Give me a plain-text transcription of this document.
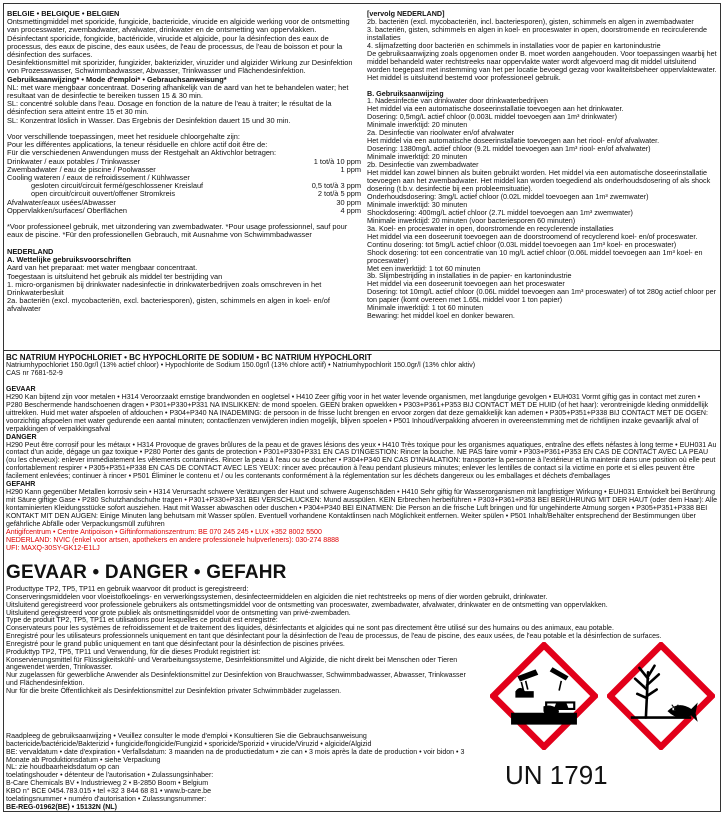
BELGIE • BELGIQUE • BELGIEN

Ontsmettingmiddel met sporicide, fungicide, bactericide, virucide en algicide werking voor de ontsmetting van processwater, zwembadwater, afvalwater, drinkwater en de ontsmetting van oppervlakken.

Désinfectant sporicide, fongicide, bactéricide, virucide et algicide, pour la désinfection des eaux de processus, des eaux de piscine, des eaux usées, de l'eau de processus, de l'eau de boisson et pour la désinfection des surfaces.

Desinfektionsmittel mit sporizider, fungizider, bakterizider, viruzider und algizider Wirkung zur Desinfektion von Prozesswasser, Schwimmbadwasser, Abwasser, Trinkwasser und Flächendesinfektion.

Gebruiksaanwijzing* • Mode d'emploi* • Gebrauchsanweisung*

NL: met ware mengbaar concentraat. Dosering afhankelijk van de aard van het te behandelen water; het resultaat van de desinfectie te bereiken tussen 15 & 30 min.

SL: concentré soluble dans l'eau. Dosage en fonction de la nature de l'eau à traiter; le résultat de la désinfection sera atteint entre 15 et 30 min.

SL: Konzentrat löslich in Wasser. Das Ergebnis der Desinfektion dauert 15 und 30 min.

Voor verschillende toepassingen, meet het residuele chloorgehalte zijn:

Pour les différentes applications, la teneur résiduelle en chlore actif doit être de:

Für die verschiedenen Anwendungen muss der Restgehalt an Aktivchlor betragen:

Drinkwater / eaux potables / Trinkwasser	1 tot/à 10 ppm
Zwembadwater / eau de piscine / Poolwasser	1 ppm
Cooling wateren / eaux de refroidissement / Kühlwasser	
gesloten circuit/circuit fermé/geschlossener Kreislauf	0,5 tot/à 3 ppm
open circuit/circuit ouvert/offener Stromkreis	2 tot/à 5 ppm
Afvalwater/eaux usées/Abwasser	30 ppm
Oppervlakken/surfaces/ Oberflächen	4 ppm

*Voor professioneel gebruik, met uitzondering van zwembadwater. *Pour usage professionnel, sauf pour eaux de piscine. *Für den professionellen Gebrauch, mit Ausnahme von Schwimmbadwasser

NEDERLAND

A. Wettelijke gebruiksvoorschriften

Aard van het preparaat: met water mengbaar concentraat.

Toegestaan is uitsluitend het gebruik als middel ter bestrijding van

1. micro-organismen bij drinkwater nadesinfectie in drinkwaterbedrijven zoals omschreven in het Drinkwaterbesluit

2a. bacteriën (excl. mycobacteriën, excl. bacteriesporen), gisten, schimmels en algen in koel- en/of afvalwater

[vervolg NEDERLAND]

2b. bacteriën (excl. mycobacteriën, incl. bacteriesporen), gisten, schimmels en algen in zwembadwater

3. bacteriën, gisten, schimmels en algen in koel- en proceswater in open, doorstromende en recirculerende installaties

4. slijmafzetting door bacteriën en schimmels in installaties voor de papier en kartonindustrie

De gebruiksaanwijzing zoals opgenomen onder B. moet worden aangehouden. Voor toepassingen waarbij het middel behandeld water rechtstreeks naar oppervlakte water wordt afgevoerd mag dit middel uitsluitend worden toegepast met instemming van het per locatie bevoegd gezag voor kwaliteitsbeheer oppervlaktewater. Het middel is uitsluitend bestemd voor professioneel gebruik.

B. Gebruiksaanwijzing

1. Nadesinfectie van drinkwater door drinkwaterbedrijven

Het middel via een automatische doseerinstallatie toevoegen aan het drinkwater.

Dosering: 0,5mg/L actief chloor (0.003L middel toevoegen aan 1m³ drinkwater)

Minimale inwerktijd: 20 minuten

2a. Desinfectie van rioolwater en/of afvalwater

Het middel via een automatische doseerinstallatie toevoegen aan het riool- en/of afvalwater.

Dosering: 1380mg/L actief chloor (9.2L middel toevoegen aan 1m³ riool- en/of afvalwater)

Minimale inwerktijd: 20 minuten

2b. Desinfectie van zwembadwater

Het middel kan zowel binnen als buiten gebruikt worden. Het middel via een automatische doseerinstallatie toevoegen aan het zwembadwater. Het middel kan worden toegediend als onderhoudsdosering of als shock dosering (t.b.v. desinfectie bij een probleemsituatie).

Onderhoudsdosering: 3mg/L actief chloor (0.02L middel toevoegen aan 1m³ zwemwater)

Minimale inwerktijd: 30 minuten

Shockdosering: 400mg/L actief chloor (2.7L middel toevoegen aan 1m³ zwemwater)

Minimale inwerktijd: 20 minuten (voor bacteriesporen 60 minuten)

3a. Koel- en proceswater in open, doorstromende en recyclerende installaties

Het middel via een doseerunit toevoegen aan de doorstroomend of recyclerend koel- en/of proceswater.

Continu dosering: tot 5mg/L actief chloor (0.03L middel toevoegen aan 1m³ koel- en proceswater)

Shock dosering: tot een concentratie van 10 mg/L actief chloor (0.06L middel toevoegen aan 1m³ koel- en proceswater)

Met een inwerktijd: 1 tot 60 minuten

3b. Slijmbestrijding in installaties in de papier- en kartonindustrie

Het middel via een doseerunit toevoegen aan het proceswater

Dosering: tot 10mg/L actief chloor (0.06L middel toevoegen aan 1m³ proceswater) of tot 280g actief chloor per ton papier (komt overeen met 1.65L middel voor 1 ton papier)

Minimale inwerktijd: 1 tot 60 minuten

Bewaring: het middel koel en donker bewaren.

BC NATRIUM HYPOCHLORIET • BC HYPOCHLORITE DE SODIUM • BC NATRIUM HYPOCHLORIT

Natriumhypochloriet 150.0gr/l (13% actief chloor) • Hypochlorite de Sodium 150.0gr/l (13% chlore actif) • Natriumhypochlorit 150.0gr/l (13% chlor aktiv)

CAS nr 7681-52-9

GEVAAR

H290 Kan bijtend zijn voor metalen • H314 Veroorzaakt ernstige brandwonden en oogletsel • H410 Zeer giftig voor in het water levende organismen, met langdurige gevolgen • EUH031 Vormt giftig gas in contact met zuren • P280 Beschermende handschoenen dragen • P301+P330+P331 NA INSLIKKEN: de mond spoelen. GEEN braken opwekken • P303+P361+P353 BIJ CONTACT MET DE HUID (of het haar): verontreinigde kleding onmiddellijk uittrekken. Huid met water afspoelen of afdouchen • P304+P340 NA INADEMING: de persoon in de frisse lucht brengen en ervoor zorgen dat deze gemakkelijk kan ademen • P305+P351+P338 BIJ CONTACT MET DE OGEN: voorzichtig afspoelen met water gedurende een aantal minuten; contactlenzen verwijderen indien mogelijk, blijven spoelen • P501 Inhoud/verpakking afvoeren in overeenstemming met de richtlijnen inzake gevaarlijk afval of verpakkingen of verpakkingsafval

DANGER

H290 Peut être corrosif pour les métaux • H314 Provoque de graves brûlures de la peau et de graves lésions des yeux • H410 Très toxique pour les organismes aquatiques, entraîne des effets néfastes à long terme • EUH031 Au contact d'un acide, dégage un gaz toxique • P280 Porter des gants de protection • P301+P330+P331 EN CAS D'INGESTION: Rincer la bouche. NE PAS faire vomir • P303+P361+P353 EN CAS DE CONTACT AVEC LA PEAU (ou les cheveux): enlever immédiatement les vêtements contaminés. Rincer la peau à l'eau ou se doucher • P304+P340 EN CAS D'INHALATION: transporter la personne à l'extérieur et la maintenir dans une position où elle peut confortablement respirer • P305+P351+P338 EN CAS DE CONTACT AVEC LES YEUX: rincer avec précaution à l'eau pendant plusieurs minutes; enlever les lentilles de contact si la victime en porte et si elles peuvent être facilement enlevées; continuer à rincer • P501 Éliminer le contenu et / ou les contenants conformément à la réglementation sur les déchets dangereux ou les emballages et déchets d'emballages

GEFAHR

H290 Kann gegenüber Metallen korrosiv sein • H314 Verursacht schwere Verätzungen der Haut und schwere Augenschäden • H410 Sehr giftig für Wasserorganismen mit langfristiger Wirkung • EUH031 Entwickelt bei Berührung mit Säure giftige Gase • P280 Schutzhandschuhe tragen • P301+P330+P331 BEI VERSCHLUCKEN: Mund ausspülen. KEIN Erbrechen herbeiführen • P303+P361+P353 BEI BERÜHRUNG MIT DER HAUT (oder dem Haar): Alle kontaminierten Kleidungsstücke sofort ausziehen. Haut mit Wasser abwaschen oder duschen • P304+P340 BEI EINATMEN: Die Person an die frische Luft bringen und für ungehinderte Atmung sorgen • P305+P351+P338 BEI KONTAKT MIT DEN AUGEN: Einige Minuten lang behutsam mit Wasser spülen. Eventuell vorhandene Kontaktlinsen nach Möglichkeit entfernen. Weiter spülen • P501 Inhalt/Behälter entsprechend der Bestimmungen über gefährliche Abfälle oder Verpackungsmüll zuführen

Antigifcentrum • Centre Antipoison • Giftinformationszentrum: BE 070 245 245 • LUX +352 8002 5500

NEDERLAND: NVIC (enkel voor artsen, apothekers en andere professionele hulpverleners): 030-274 8888

UFI: MAXQ-30SY-GK12-E1LJ

GEVAAR • DANGER • GEFAHR

Producttype TP2, TP5, TP11 en gebruik waarvoor dit product is geregistreerd:

Conserveringsmiddelen voor vloeistofkoelings- en verwerkingssystemen, desinfecteermiddelen en algiciden die niet rechtstreeks op mens of dier worden gebruikt, drinkwater.

Uitsluitend geregistreerd voor professionele gebruikers als ontsmettingsmiddel voor de ontsmetting van proceswater, zwembadwater, afvalwater, drinkwater en de ontsmetting van oppervlakken.

Uitsluitend geregistreerd voor grote publiek als ontsmettingsmiddel voor de ontsmetting van privé-zwembaden.

Type de produit TP2, TP5, TP11 et utilisations pour lesquelles ce produit est enregistré:

Conservateurs pour les systèmes de refroidissement et de traitement des liquides, désinfectants et algicides qui ne sont pas directement être utilisé sur des humains ou des animaux, eau potable.

Enregistré pour les utilisateurs professionnels uniquement en tant que désinfectant pour la désinfection de l'eau de processus, de l'eau de piscine, des eaux usées, de l'eau potable et la désinfection de surfaces.

Enregistré pour le grand public uniquement en tant que désinfectant pour la désinfection de piscines privées.

Produkttyp TP2, TP5, TP11 und Verwendung, für die dieses Produkt registriert ist:

Konservierungsmittel für Flüssigkeitskühl- und Verarbeitungssysteme, Desinfektionsmittel und Algizide, die nicht direkt bei Menschen oder Tieren angewendet werden, Trinkwasser.

Nur zugelassen für gewerbliche Anwender als Desinfektionsmittel zur Desinfektion von Brauchwasser, Schwimmbadwasser, Abwasser, Trinkwasser und Flächendesinfektion.

Nur für die breite Öffentlichkeit als Desinfektionsmittel zur Desinfektion privater Schwimmbäder zugelassen.

Raadpleeg de gebruiksaanwijzing • Veuillez consulter le mode d'emploi • Konsultieren Sie die Gebrauchsanweisung

bactericide/bactéricide/Bakterizid • fungicide/fongicide/Fungizid • sporicide/Sporizid • virucide/Viruzid • algicide/Algizid

BE: vervaldatum • date d'expiration • Verfallsdatum: 3 maanden na de productiedatum • zie can • 3 mois après la date de production • voir bidon • 3 Monate ab Produktionsdatum • siehe Verpackung

NL: zie houdbaarheidsdatum op can

toelatingshouder • détenteur de l'autorisation • Zulassungsinhaber:

B-Care Chemicals BV • Industrieweg 2 • B-2850 Boom • Belgium

KBO n° BCE 0454.783.015 • tel +32 3 844 68 81 • www.b-care.be

toelatingsnummer • numéro d'autorisation • Zulassungsnummer:

BE-REG-01962(BE) • 15132N (NL)

UN 1791
